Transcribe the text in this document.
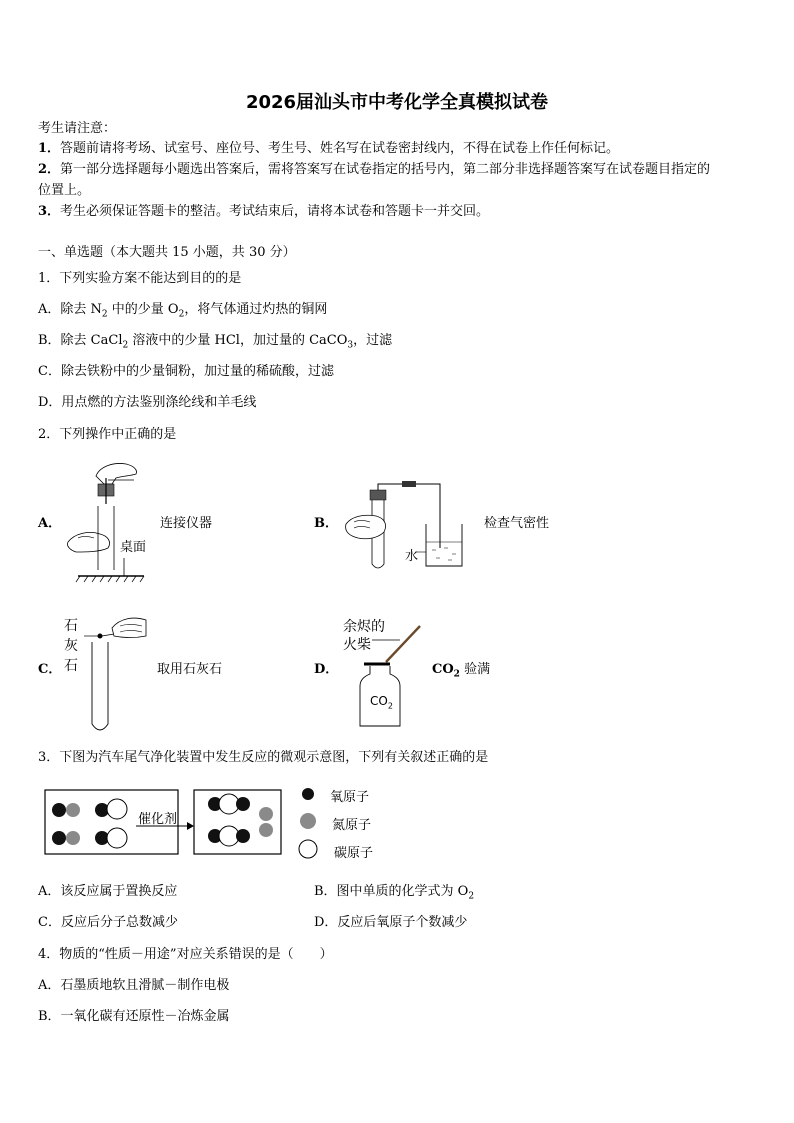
2026届汕头市中考化学全真模拟试卷
考生请注意：
1．答题前请将考场、试室号、座位号、考生号、姓名写在试卷密封线内，不得在试卷上作任何标记。
2．第一部分选择题每小题选出答案后，需将答案写在试卷指定的括号内，第二部分非选择题答案写在试卷题目指定的
位置上。
3．考生必须保证答题卡的整洁。考试结束后，请将本试卷和答题卡一并交回。
一、单选题（本大题共 15 小题，共 30 分）
1．下列实验方案不能达到目的的是
A．除去 $N_2$ 中的少量 $O_2$，将气体通过灼热的铜网
B．除去 CaCl$_2$ 溶液中的少量 HCl，加过量的 CaCO$_3$，过滤
C．除去铁粉中的少量铜粉，加过量的稀硫酸，过滤
D．用点燃的方法鉴别涤纶线和羊毛线
2．下列操作中正确的是
A．
桌面
连接仪器	B．
水
检查气密性
C．
石
灰
石	取用石灰石	D．
余烬的
火柴
$CO_2$
$CO_2$ 验满
3．下图为汽车尾气净化装置中发生反应的微观示意图，下列有关叙述正确的是
催化剂
氧原子
氮原子
碳原子
A．该反应属于置换反应	B．图中单质的化学式为 $O_2$
C．反应后分子总数减少	D．反应后氧原子个数减少
4．物质的“性质－用途”对应关系错误的是（　　）
A．石墨质地软且滑腻－制作电极
B．一氧化碳有还原性－冶炼金属
